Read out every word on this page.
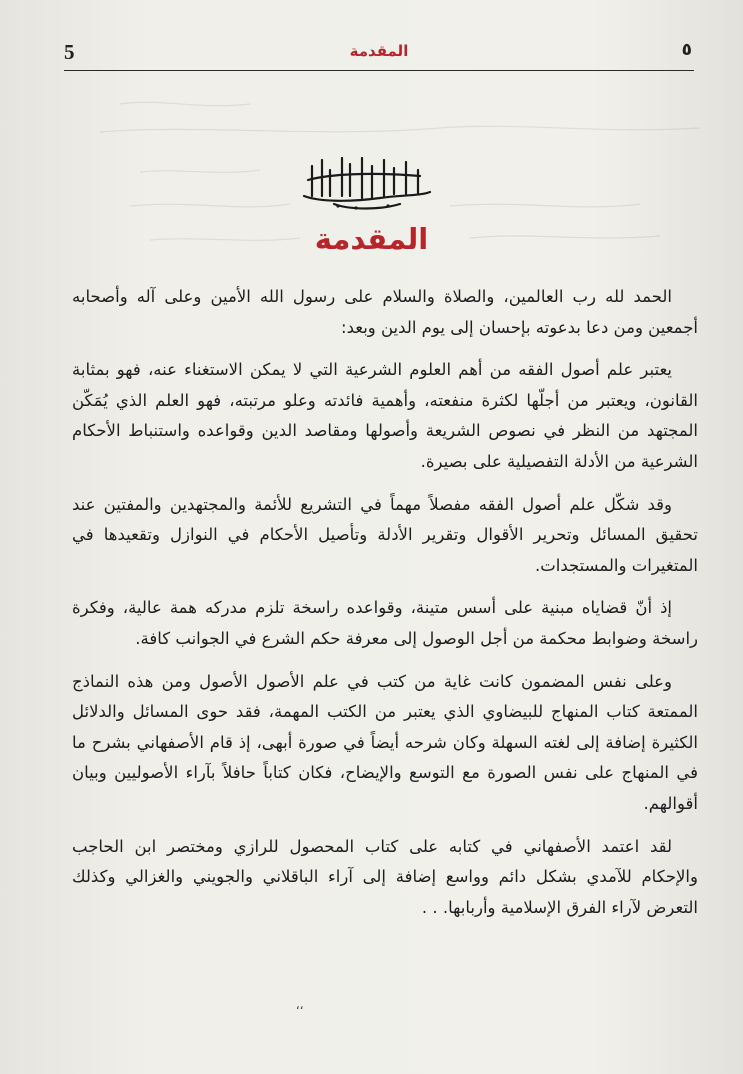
5	المقدمة	٥
المقدمة

الحمد لله رب العالمين، والصلاة والسلام على رسول الله الأمين وعلى آله وأصحابه أجمعين ومن دعا بدعوته بإحسان إلى يوم الدين وبعد:

يعتبر علم أصول الفقه من أهم العلوم الشرعية التي لا يمكن الاستغناء عنه، فهو بمثابة القانون، ويعتبر من أجلّها لكثرة منفعته، وأهمية فائدته وعلو مرتبته، فهو العلم الذي يُمَكّن المجتهد من النظر في نصوص الشريعة وأصولها ومقاصد الدين وقواعده واستنباط الأحكام الشرعية من الأدلة التفصيلية على بصيرة.

وقد شكّل علم أصول الفقه مفصلاً مهماً في التشريع للأئمة والمجتهدين والمفتين عند تحقيق المسائل وتحرير الأقوال وتقرير الأدلة وتأصيل الأحكام في النوازل وتقعيدها في المتغيرات والمستجدات.

إذ أنّ قضاياه مبنية على أسس متينة، وقواعده راسخة تلزم مدركه همة عالية، وفكرة راسخة وضوابط محكمة من أجل الوصول إلى معرفة حكم الشرع في الجوانب كافة.

وعلى نفس المضمون كانت غاية من كتب في علم الأصول الأصول ومن هذه النماذج الممتعة كتاب المنهاج للبيضاوي الذي يعتبر من الكتب المهمة، فقد حوى المسائل والدلائل الكثيرة إضافة إلى لغته السهلة وكان شرحه أيضاً في صورة أبهى، إذ قام الأصفهاني بشرح ما في المنهاج على نفس الصورة مع التوسع والإيضاح، فكان كتاباً حافلاً بآراء الأصوليين وبيان أقوالهم.

لقد اعتمد الأصفهاني في كتابه على كتاب المحصول للرازي ومختصر ابن الحاجب والإحكام للآمدي بشكل دائم وواسع إضافة إلى آراء الباقلاني والجويني والغزالي وكذلك التعرض لآراء الفرق الإسلامية وأربابها. . .

‘‘
